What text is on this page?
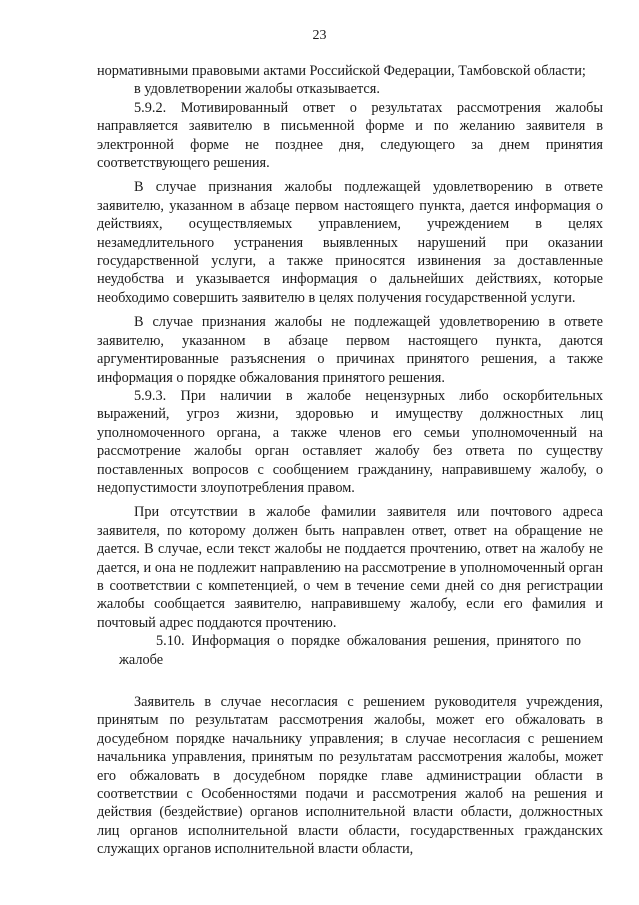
23

нормативными правовыми актами Российской Федерации, Тамбовской области;

в удовлетворении жалобы отказывается.

5.9.2. Мотивированный ответ о результатах рассмотрения жалобы направляется заявителю в письменной форме и по желанию заявителя в электронной форме не позднее дня, следующего за днем принятия соответствующего решения.

В случае признания жалобы подлежащей удовлетворению в ответе заявителю, указанном в абзаце первом настоящего пункта, дается информация о действиях, осуществляемых управлением, учреждением в целях незамедлительного устранения выявленных нарушений при оказании государственной услуги, а также приносятся извинения за доставленные неудобства и указывается информация о дальнейших действиях, которые необходимо совершить заявителю в целях получения государственной услуги.

В случае признания жалобы не подлежащей удовлетворению в ответе заявителю, указанном в абзаце первом настоящего пункта, даются аргументированные разъяснения о причинах принятого решения, а также информация о порядке обжалования принятого решения.

5.9.3. При наличии в жалобе нецензурных либо оскорбительных выражений, угроз жизни, здоровью и имуществу должностных лиц уполномоченного органа, а также членов его семьи уполномоченный на рассмотрение жалобы орган оставляет жалобу без ответа по существу поставленных вопросов с сообщением гражданину, направившему жалобу, о недопустимости злоупотребления правом.

При отсутствии в жалобе фамилии заявителя или почтового адреса заявителя, по которому должен быть направлен ответ, ответ на обращение не дается. В случае, если текст жалобы не поддается прочтению, ответ на жалобу не дается, и она не подлежит направлению на рассмотрение в уполномоченный орган в соответствии с компетенцией, о чем в течение семи дней со дня регистрации жалобы сообщается заявителю, направившему жалобу, если его фамилия и почтовый адрес поддаются прочтению.

5.10. Информация о порядке обжалования решения, принятого по жалобе

Заявитель в случае несогласия с решением руководителя учреждения, принятым по результатам рассмотрения жалобы, может его обжаловать в досудебном порядке начальнику управления; в случае несогласия с решением начальника управления, принятым по результатам рассмотрения жалобы, может его обжаловать в досудебном порядке главе администрации области в соответствии с Особенностями подачи и рассмотрения жалоб на решения и действия (бездействие) органов исполнительной власти области, должностных лиц органов исполнительной власти области, государственных гражданских служащих органов исполнительной власти области,
